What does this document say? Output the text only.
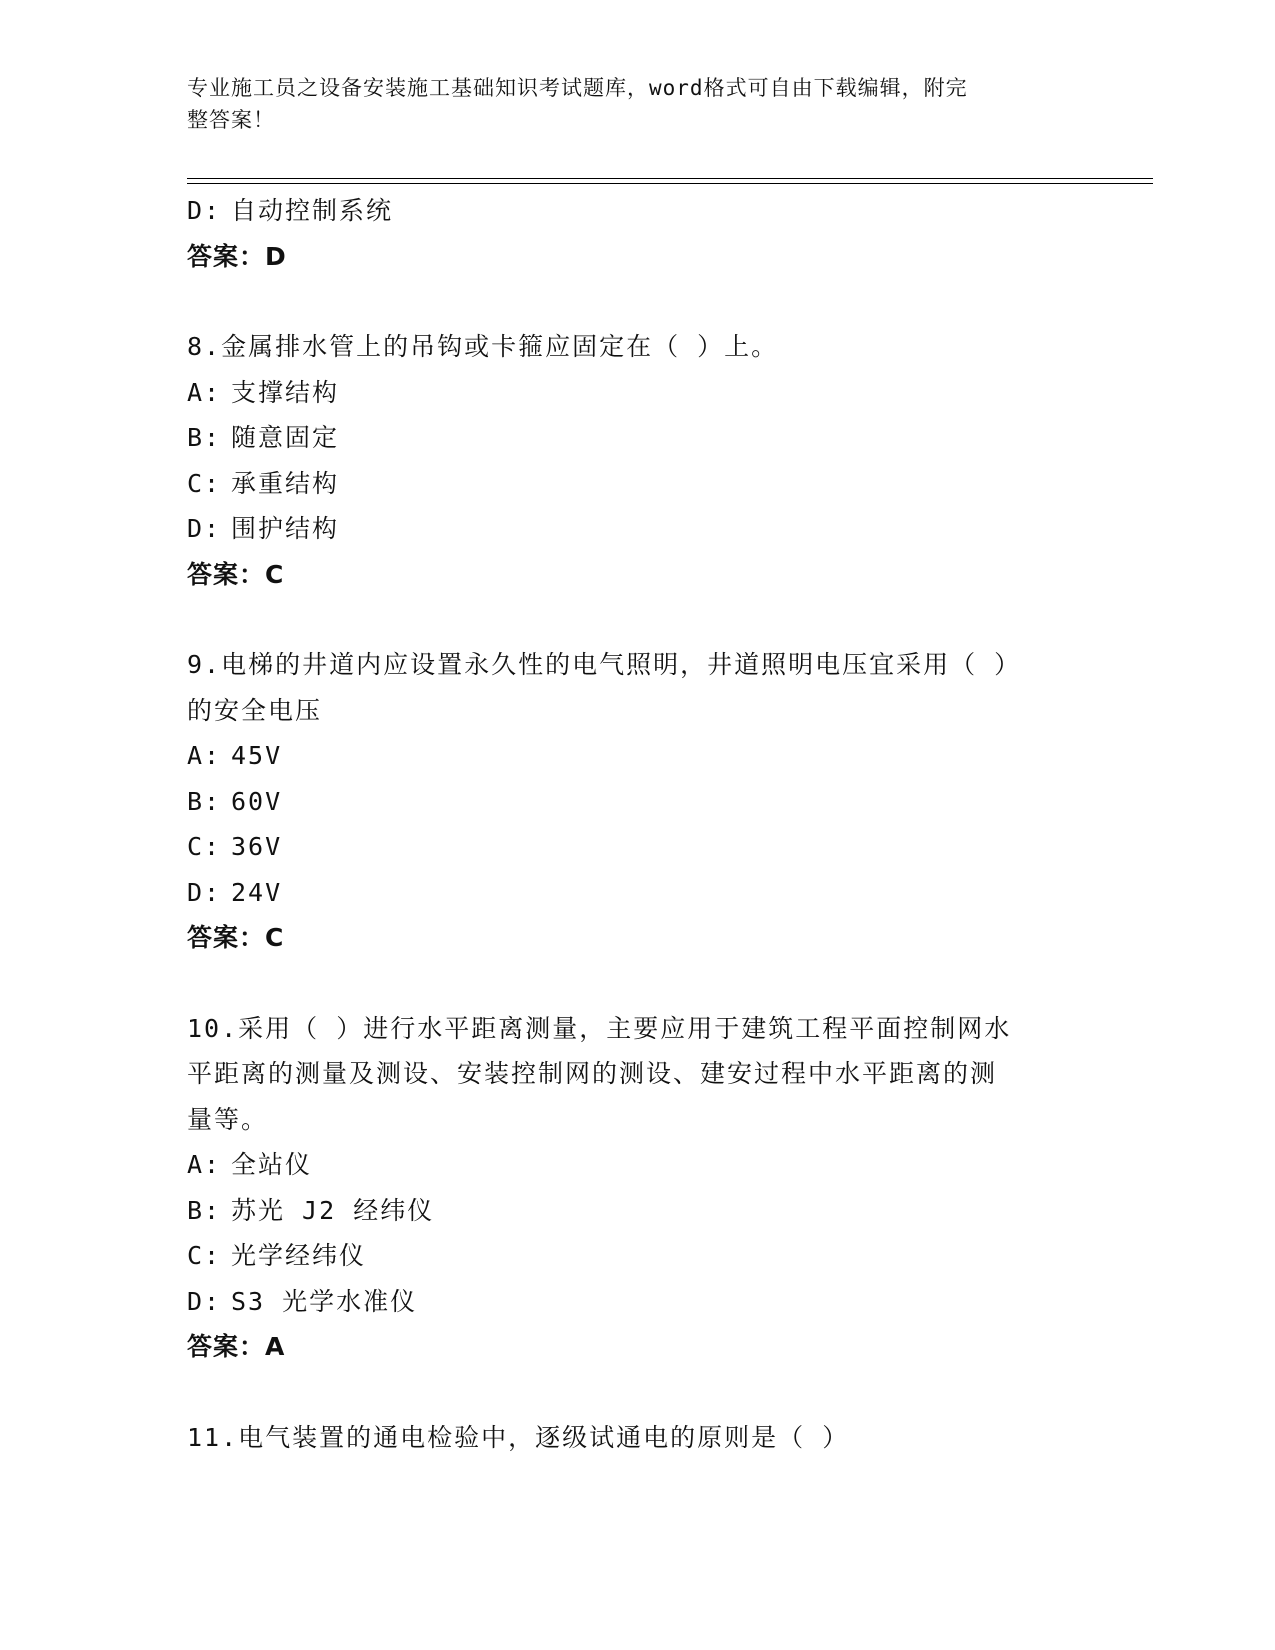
专业施工员之设备安装施工基础知识考试题库，word格式可自由下载编辑，附完
整答案！
D: 自动控制系统
答案：D
8.金属排水管上的吊钩或卡箍应固定在（ ）上。
A: 支撑结构
B: 随意固定
C: 承重结构
D: 围护结构
答案：C
9.电梯的井道内应设置永久性的电气照明，井道照明电压宜采用（ ）
的安全电压
A: 45V
B: 60V
C: 36V
D: 24V
答案：C
10.采用（ ）进行水平距离测量，主要应用于建筑工程平面控制网水
平距离的测量及测设、安装控制网的测设、建安过程中水平距离的测
量等。
A: 全站仪
B: 苏光 J2 经纬仪
C: 光学经纬仪
D: S3 光学水准仪
答案：A
11.电气装置的通电检验中，逐级试通电的原则是（ ）
